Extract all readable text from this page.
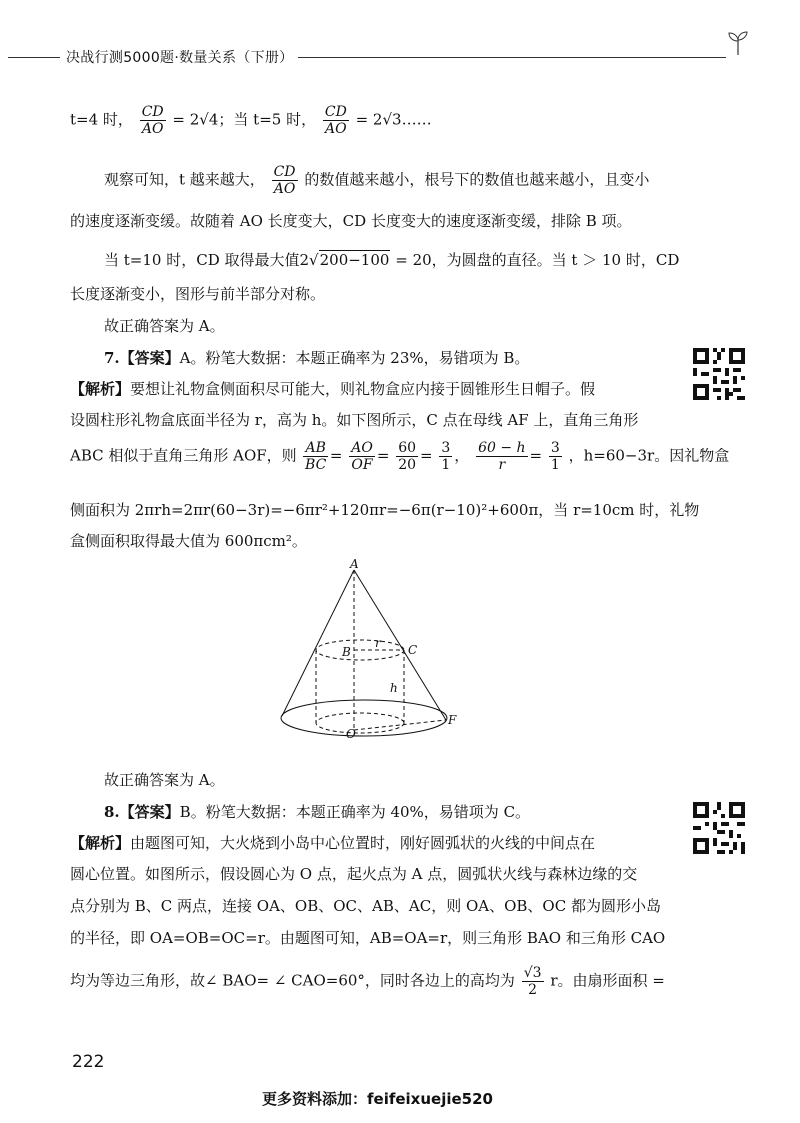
决战行测5000题·数量关系（下册）
t=4 时， $\frac{CD}{AO} = 2√4$；当 t=5 时， $\frac{CD}{AO}$ = 2√3……
观察可知，t 越来越大， $\frac{CD}{AO}$ 的数值越来越小，根号下的数值也越来越小，且变小
的速度逐渐变缓。故随着 AO 长度变大，CD 长度变大的速度逐渐变缓，排除 B 项。
当 t=10 时，CD 取得最大值2√200−100 = 20，为圆盘的直径。当 t ＞ 10 时，CD
长度逐渐变小，图形与前半部分对称。
故正确答案为 A。
7.【答案】A。粉笔大数据：本题正确率为 23%，易错项为 B。
【解析】要想让礼物盒侧面积尽可能大，则礼物盒应内接于圆锥形生日帽子。假
设圆柱形礼物盒底面半径为 r，高为 h。如下图所示，C 点在母线 AF 上，直角三角形
ABC 相似于直角三角形 AOF，则 $\frac{AB}{BC} = \frac{AO}{OF} = \frac{60}{20} = \frac{3}{1}$ ， $\frac{60 - h}{r} = \frac{3}{1}$ ，h=60−3r。因礼物盒
侧面积为 2πrh=2πr(60−3r)=−6πr²+120πr=−6π(r−10)²+600π，当 r=10cm 时，礼物
盒侧面积取得最大值为 600πcm²。
A
B	C
r
h
O
F
故正确答案为 A。
8.【答案】B。粉笔大数据：本题正确率为 40%，易错项为 C。
【解析】由题图可知，大火烧到小岛中心位置时，刚好圆弧状的火线的中间点在
圆心位置。如图所示，假设圆心为 O 点，起火点为 A 点，圆弧状火线与森林边缘的交
点分别为 B、C 两点，连接 OA、OB、OC、AB、AC，则 OA、OB、OC 都为圆形小岛
的半径，即 OA=OB=OC=r。由题图可知，AB=OA=r，则三角形 BAO 和三角形 CAO
均为等边三角形，故∠ BAO= ∠ CAO=60°，同时各边上的高均为 $\frac{√3}{2}$ r。由扇形面积 =
222
更多资料添加：feifeixuejie520
